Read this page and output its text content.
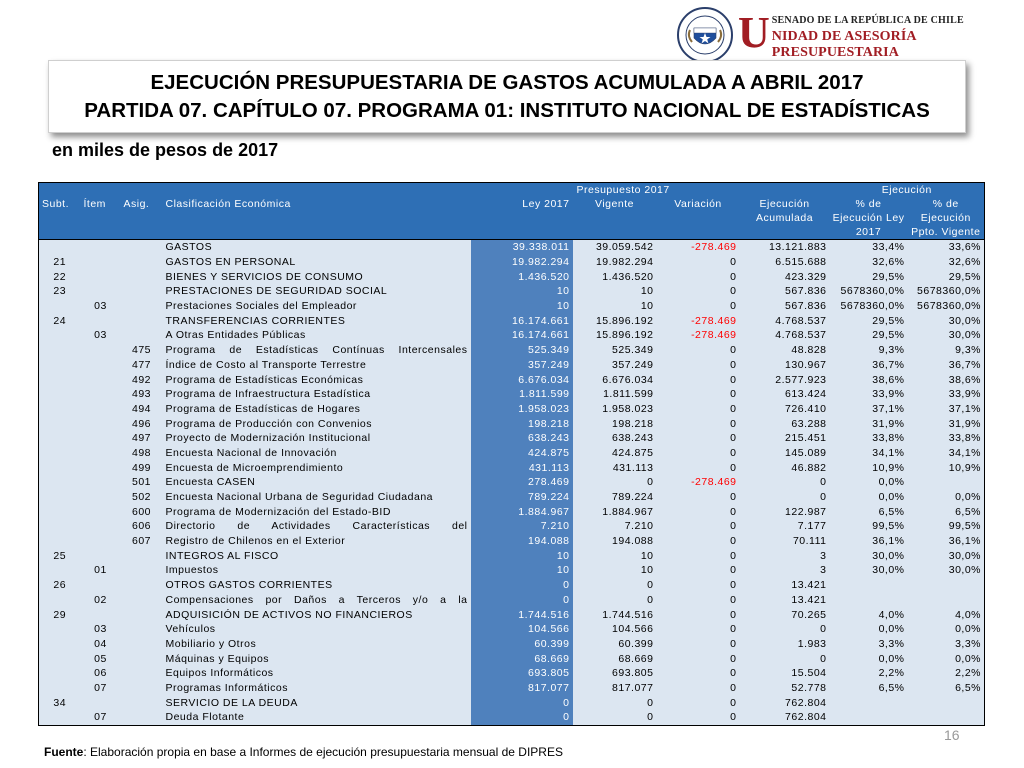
U SENADO DE LA REPÚBLICA DE CHILE
NIDAD DE ASESORÍA PRESUPUESTARIA
EJECUCIÓN PRESUPUESTARIA DE GASTOS ACUMULADA A ABRIL 2017
PARTIDA 07. CAPÍTULO 07. PROGRAMA 01: INSTITUTO NACIONAL DE ESTADÍSTICAS
en miles de pesos de 2017
					Presupuesto 2017			Ejecución	
Subt.	Ítem	Asig.	Clasificación Económica	Ley 2017	Vigente	Variación	Ejecución	% de	% de
							Acumulada	Ejecución Ley	Ejecución
								2017	Ppto. Vigente
			GASTOS	39.338.011	39.059.542	-278.469	13.121.883	33,4%	33,6%
21			GASTOS EN PERSONAL	19.982.294	19.982.294	0	6.515.688	32,6%	32,6%
22			BIENES Y SERVICIOS DE CONSUMO	1.436.520	1.436.520	0	423.329	29,5%	29,5%
23			PRESTACIONES DE SEGURIDAD SOCIAL	10	10	0	567.836	5678360,0%	5678360,0%
	03		Prestaciones Sociales del Empleador	10	10	0	567.836	5678360,0%	5678360,0%
24			TRANSFERENCIAS CORRIENTES	16.174.661	15.896.192	-278.469	4.768.537	29,5%	30,0%
	03		A Otras Entidades Públicas	16.174.661	15.896.192	-278.469	4.768.537	29,5%	30,0%
		475	Programa de Estadísticas Contínuas Intercensales	525.349	525.349	0	48.828	9,3%	9,3%
		477	Índice de Costo al Transporte Terrestre	357.249	357.249	0	130.967	36,7%	36,7%
		492	Programa de Estadísticas Económicas	6.676.034	6.676.034	0	2.577.923	38,6%	38,6%
		493	Programa de Infraestructura Estadística	1.811.599	1.811.599	0	613.424	33,9%	33,9%
		494	Programa de Estadísticas de Hogares	1.958.023	1.958.023	0	726.410	37,1%	37,1%
		496	Programa de Producción con Convenios	198.218	198.218	0	63.288	31,9%	31,9%
		497	Proyecto de Modernización Institucional	638.243	638.243	0	215.451	33,8%	33,8%
		498	Encuesta Nacional de Innovación	424.875	424.875	0	145.089	34,1%	34,1%
		499	Encuesta de Microemprendimiento	431.113	431.113	0	46.882	10,9%	10,9%
		501	Encuesta CASEN	278.469	0	-278.469	0	0,0%	
		502	Encuesta Nacional Urbana de Seguridad Ciudadana	789.224	789.224	0	0	0,0%	0,0%
		600	Programa de Modernización del Estado-BID	1.884.967	1.884.967	0	122.987	6,5%	6,5%
		606	Directorio de Actividades Características del	7.210	7.210	0	7.177	99,5%	99,5%
		607	Registro de Chilenos en el Exterior	194.088	194.088	0	70.111	36,1%	36,1%
25			INTEGROS AL FISCO	10	10	0	3	30,0%	30,0%
	01		Impuestos	10	10	0	3	30,0%	30,0%
26			OTROS GASTOS CORRIENTES	0	0	0	13.421		
	02		Compensaciones por Daños a Terceros y/o a la	0	0	0	13.421		
29			ADQUISICIÓN DE ACTIVOS NO FINANCIEROS	1.744.516	1.744.516	0	70.265	4,0%	4,0%
	03		Vehículos	104.566	104.566	0	0	0,0%	0,0%
	04		Mobiliario y Otros	60.399	60.399	0	1.983	3,3%	3,3%
	05		Máquinas y Equipos	68.669	68.669	0	0	0,0%	0,0%
	06		Equipos Informáticos	693.805	693.805	0	15.504	2,2%	2,2%
	07		Programas Informáticos	817.077	817.077	0	52.778	6,5%	6,5%
34			SERVICIO DE LA DEUDA	0	0	0	762.804		
	07		Deuda Flotante	0	0	0	762.804		
16
Fuente: Elaboración propia en base a Informes de ejecución presupuestaria mensual de DIPRES
